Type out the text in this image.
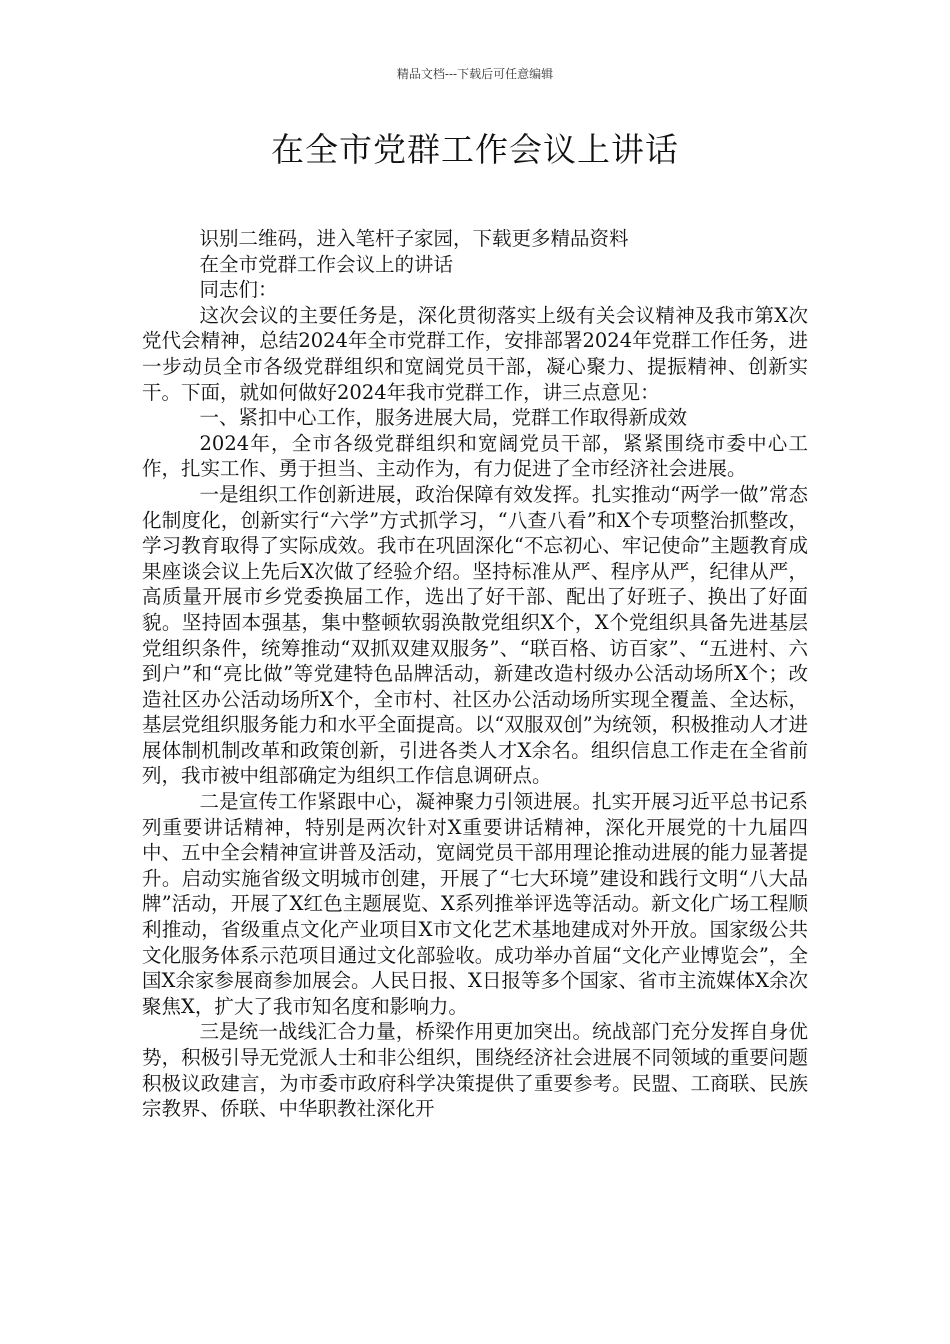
精品文档---下载后可任意编辑
在全市党群工作会议上讲话

识别二维码，进入笔杆子家园，下载更多精品资料

在全市党群工作会议上的讲话

同志们：

这次会议的主要任务是，深化贯彻落实上级有关会议精神及我市第X次党代会精神，总结2024年全市党群工作，安排部署2024年党群工作任务，进一步动员全市各级党群组织和宽阔党员干部，凝心聚力、提振精神、创新实干。下面，就如何做好2024年我市党群工作，讲三点意见：

一、紧扣中心工作，服务进展大局，党群工作取得新成效

2024年，全市各级党群组织和宽阔党员干部，紧紧围绕市委中心工作，扎实工作、勇于担当、主动作为，有力促进了全市经济社会进展。

一是组织工作创新进展，政治保障有效发挥。扎实推动“两学一做”常态化制度化，创新实行“六学”方式抓学习，“八查八看”和X个专项整治抓整改，学习教育取得了实际成效。我市在巩固深化“不忘初心、牢记使命”主题教育成果座谈会议上先后X次做了经验介绍。坚持标准从严、程序从严，纪律从严，高质量开展市乡党委换届工作，选出了好干部、配出了好班子、换出了好面貌。坚持固本强基，集中整顿软弱涣散党组织X个，X个党组织具备先进基层党组织条件，统筹推动“双抓双建双服务”、“联百格、访百家”、“五进村、六到户”和“亮比做”等党建特色品牌活动，新建改造村级办公活动场所X个；改造社区办公活动场所X个，全市村、社区办公活动场所实现全覆盖、全达标，基层党组织服务能力和水平全面提高。以“双服双创”为统领，积极推动人才进展体制机制改革和政策创新，引进各类人才X余名。组织信息工作走在全省前列，我市被中组部确定为组织工作信息调研点。

二是宣传工作紧跟中心，凝神聚力引领进展。扎实开展习近平总书记系列重要讲话精神，特别是两次针对X重要讲话精神，深化开展党的十九届四中、五中全会精神宣讲普及活动，宽阔党员干部用理论推动进展的能力显著提升。启动实施省级文明城市创建，开展了“七大环境”建设和践行文明“八大品牌”活动，开展了X红色主题展览、X系列推举评选等活动。新文化广场工程顺利推动，省级重点文化产业项目X市文化艺术基地建成对外开放。国家级公共文化服务体系示范项目通过文化部验收。成功举办首届“文化产业博览会”，全国X余家参展商参加展会。人民日报、X日报等多个国家、省市主流媒体X余次聚焦X，扩大了我市知名度和影响力。

三是统一战线汇合力量，桥梁作用更加突出。统战部门充分发挥自身优势，积极引导无党派人士和非公组织，围绕经济社会进展不同领域的重要问题积极议政建言，为市委市政府科学决策提供了重要参考。民盟、工商联、民族宗教界、侨联、中华职教社深化开
